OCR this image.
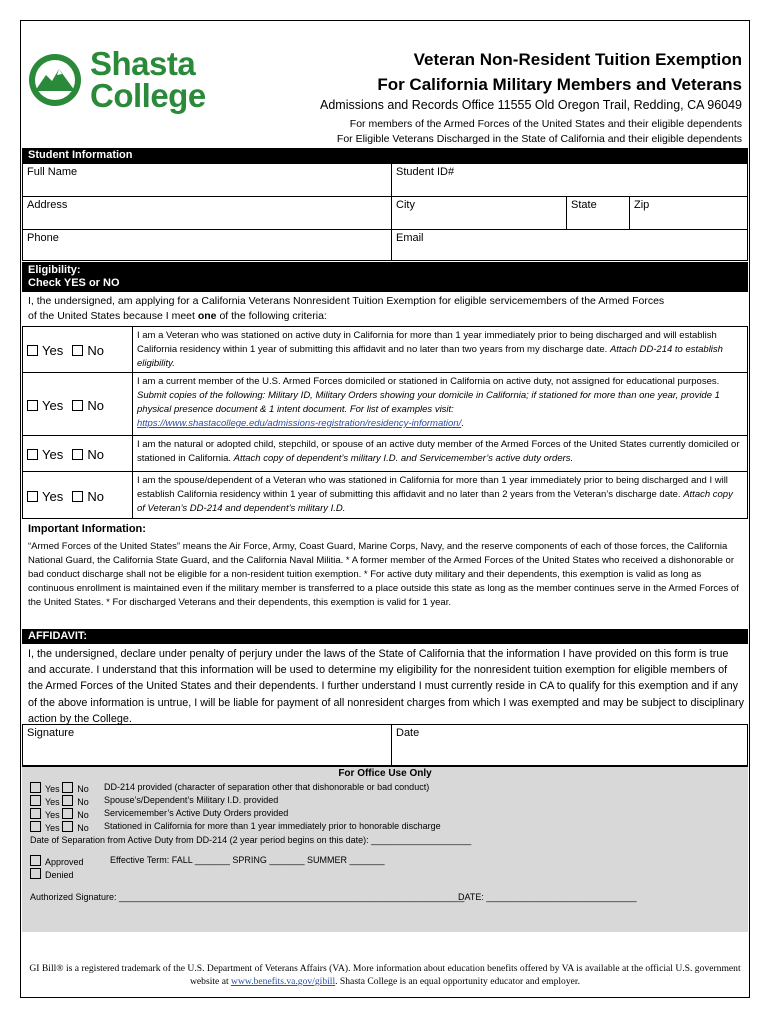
Shasta
College
Veteran Non-Resident Tuition Exemption
For California Military Members and Veterans
Admissions and Records Office 11555 Old Oregon Trail, Redding, CA 96049
For members of the Armed Forces of the United States and their eligible dependents
For Eligible Veterans Discharged in the State of California and their eligible dependents
Student Information
Full Name	Student ID#
Address	City	State	Zip
Phone	Email
Eligibility:
Check YES or NO
I, the undersigned, am applying for a California Veterans Nonresident Tuition Exemption for eligible servicemembers of the Armed Forces
of the United States because I meet one of the following criteria:
Yes No
I am a Veteran who was stationed on active duty in California for more than 1 year immediately prior to being discharged and will establish California residency within 1 year of submitting this affidavit and no later than two years from my discharge date. Attach DD-214 to establish eligibility.
Yes No
I am a current member of the U.S. Armed Forces domiciled or stationed in California on active duty, not assigned for educational purposes. Submit copies of the following: Military ID, Military Orders showing your domicile in California; if stationed for more than one year, provide 1 physical presence document & 1 intent document. For list of examples visit:
https://www.shastacollege.edu/admissions-registration/residency-information/.
Yes No
I am the natural or adopted child, stepchild, or spouse of an active duty member of the Armed Forces of the United States currently domiciled or stationed in California. Attach copy of dependent’s military I.D. and Servicemember’s active duty orders.
Yes No
I am the spouse/dependent of a Veteran who was stationed in California for more than 1 year immediately prior to being discharged and I will establish California residency within 1 year of submitting this affidavit and no later than 2 years from the Veteran’s discharge date. Attach copy of Veteran’s DD-214 and dependent’s military I.D.
Important Information:
“Armed Forces of the United States” means the Air Force, Army, Coast Guard, Marine Corps, Navy, and the reserve components of each of those forces, the California National Guard, the California State Guard, and the California Naval Militia. * A former member of the Armed Forces of the United States who received a dishonorable or bad conduct discharge shall not be eligible for a non-resident tuition exemption. * For active duty military and their dependents, this exemption is valid as long as continuous enrollment is maintained even if the military member is transferred to a place outside this state as long as the member continues serve in the Armed Forces of the United States. * For discharged Veterans and their dependents, this exemption is valid for 1 year.
AFFIDAVIT:
I, the undersigned, declare under penalty of perjury under the laws of the State of California that the information I have provided on this form is true and accurate. I understand that this information will be used to determine my eligibility for the nonresident tuition exemption for eligible members of the Armed Forces of the United States and their dependents. I further understand I must currently reside in CA to qualify for this exemption and if any of the above information is untrue, I will be liable for payment of all nonresident charges from which I was exempted and may be subject to disciplinary action by the College.
Signature	Date
For Office Use Only
Yes No DD-214 provided (character of separation other that dishonorable or bad conduct)
Yes No Spouse’s/Dependent’s Military I.D. provided
Yes No Servicemember’s Active Duty Orders provided
Yes No Stationed in California for more than 1 year immediately prior to honorable discharge
Date of Separation from Active Duty from DD-214 (2 year period begins on this date): ____________________
Approved
Denied
Effective Term: FALL _______ SPRING _______ SUMMER _______
Authorized Signature: _____________________________________________________________________
DATE: ______________________________
GI Bill® is a registered trademark of the U.S. Department of Veterans Affairs (VA). More information about education benefits offered by VA is available at the official U.S. government website at www.benefits.va.gov/gibill. Shasta College is an equal opportunity educator and employer.
